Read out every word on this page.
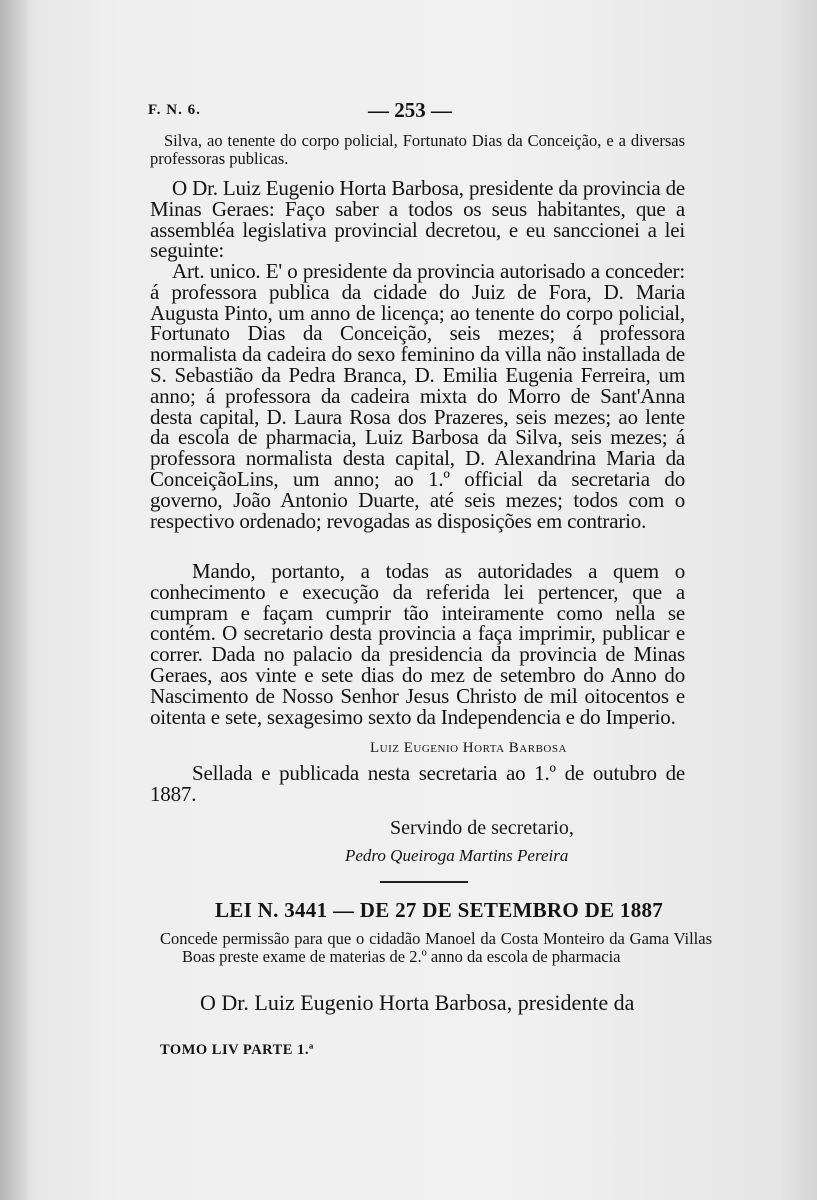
F. N. 6.	— 253 —
Silva, ao tenente do corpo policial, Fortunato Dias da Conceição, e a diversas professoras publicas.
O Dr. Luiz Eugenio Horta Barbosa, presidente da provincia de Minas Geraes: Faço saber a todos os seus habitantes, que a assembléa legislativa provincial decretou, e eu sanccionei a lei seguinte:
Art. unico. E' o presidente da provincia autorisado a conceder: á professora publica da cidade do Juiz de Fora, D. Maria Augusta Pinto, um anno de licença; ao tenente do corpo policial, Fortunato Dias da Conceição, seis mezes; á professora normalista da cadeira do sexo feminino da villa não installada de S. Sebastião da Pedra Branca, D. Emilia Eugenia Ferreira, um anno; á professora da cadeira mixta do Morro de Sant'Anna desta capital, D. Laura Rosa dos Prazeres, seis mezes; ao lente da escola de pharmacia, Luiz Barbosa da Silva, seis mezes; á professora normalista desta capital, D. Alexandrina Maria da ConceiçãoLins, um anno; ao 1.º official da secretaria do governo, João Antonio Duarte, até seis mezes; todos com o respectivo ordenado; revogadas as disposições em contrario.
Mando, portanto, a todas as autoridades a quem o conhecimento e execução da referida lei pertencer, que a cumpram e façam cumprir tão inteiramente como nella se contém. O secretario desta provincia a faça imprimir, publicar e correr. Dada no palacio da presidencia da provincia de Minas Geraes, aos vinte e sete dias do mez de setembro do Anno do Nascimento de Nosso Senhor Jesus Christo de mil oitocentos e oitenta e sete, sexagesimo sexto da Independencia e do Imperio.
Luiz Eugenio Horta Barbosa
Sellada e publicada nesta secretaria ao 1.º de outubro de 1887.
Servindo de secretario,
Pedro Queiroga Martins Pereira
LEI N. 3441 — DE 27 DE SETEMBRO DE 1887
Concede permissão para que o cidadão Manoel da Costa Monteiro da Gama Villas Boas preste exame de materias de 2.º anno da escola de pharmacia
O Dr. Luiz Eugenio Horta Barbosa, presidente da
TOMO LIV PARTE 1.ª
